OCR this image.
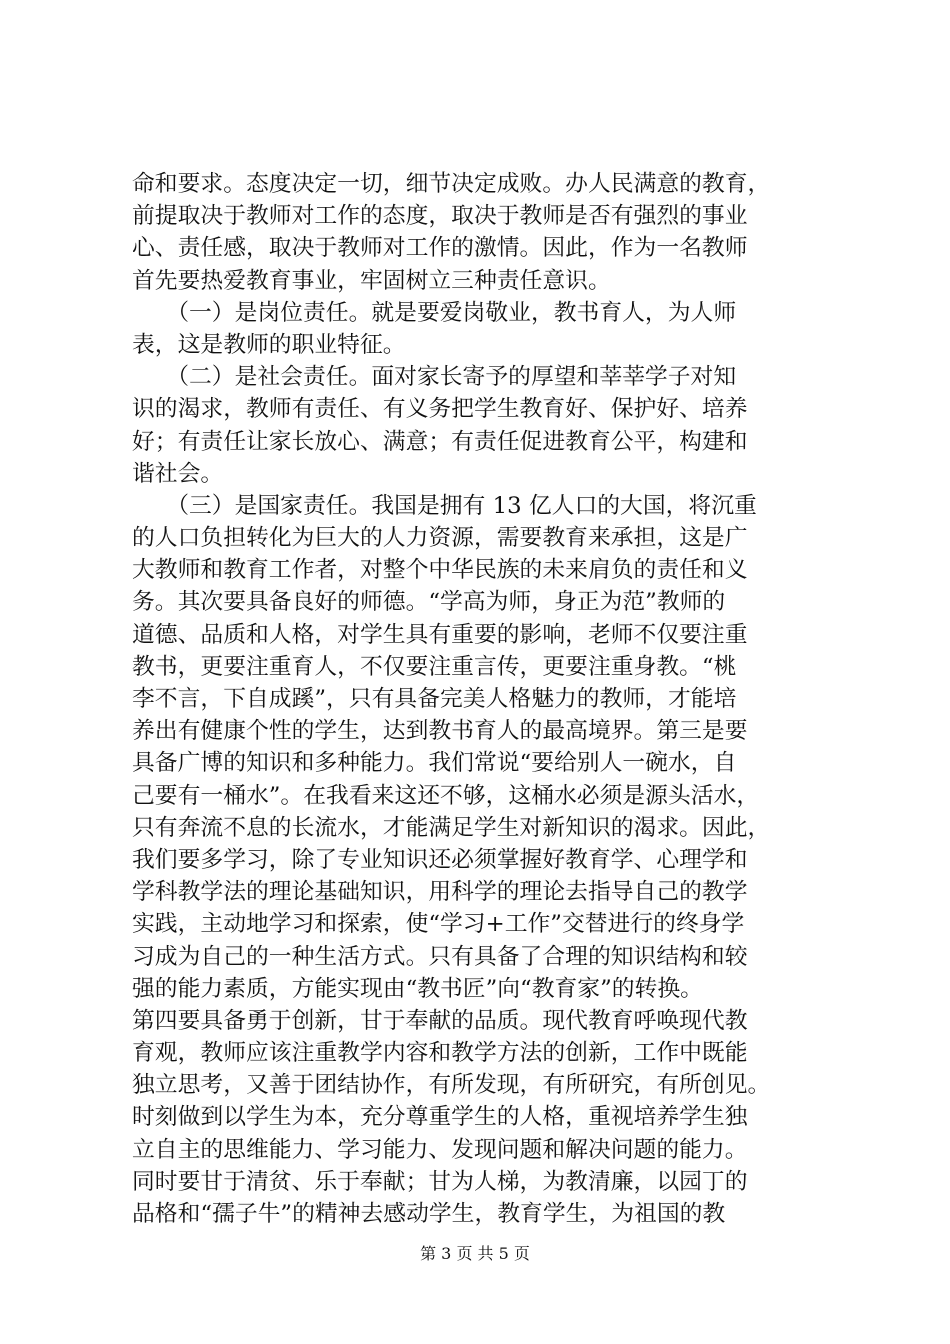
命和要求。态度决定一切，细节决定成败。办人民满意的教育，
前提取决于教师对工作的态度，取决于教师是否有强烈的事业
心、责任感，取决于教师对工作的激情。因此，作为一名教师
首先要热爱教育事业，牢固树立三种责任意识。
　　（一）是岗位责任。就是要爱岗敬业，教书育人，为人师
表，这是教师的职业特征。
　　（二）是社会责任。面对家长寄予的厚望和莘莘学子对知
识的渴求，教师有责任、有义务把学生教育好、保护好、培养
好；有责任让家长放心、满意；有责任促进教育公平，构建和
谐社会。
　　（三）是国家责任。我国是拥有 13 亿人口的大国，将沉重
的人口负担转化为巨大的人力资源，需要教育来承担，这是广
大教师和教育工作者，对整个中华民族的未来肩负的责任和义
务。其次要具备良好的师德。“学高为师，身正为范”教师的
道德、品质和人格，对学生具有重要的影响，老师不仅要注重
教书，更要注重育人，不仅要注重言传，更要注重身教。“桃
李不言，下自成蹊”，只有具备完美人格魅力的教师，才能培
养出有健康个性的学生，达到教书育人的最高境界。第三是要
具备广博的知识和多种能力。我们常说“要给别人一碗水，自
己要有一桶水”。在我看来这还不够，这桶水必须是源头活水，
只有奔流不息的长流水，才能满足学生对新知识的渴求。因此，
我们要多学习，除了专业知识还必须掌握好教育学、心理学和
学科教学法的理论基础知识，用科学的理论去指导自己的教学
实践，主动地学习和探索，使“学习+工作”交替进行的终身学
习成为自己的一种生活方式。只有具备了合理的知识结构和较
强的能力素质，方能实现由“教书匠”向“教育家”的转换。
第四要具备勇于创新，甘于奉献的品质。现代教育呼唤现代教
育观，教师应该注重教学内容和教学方法的创新，工作中既能
独立思考，又善于团结协作，有所发现，有所研究，有所创见。
时刻做到以学生为本，充分尊重学生的人格，重视培养学生独
立自主的思维能力、学习能力、发现问题和解决问题的能力。
同时要甘于清贫、乐于奉献；甘为人梯，为教清廉，以园丁的
品格和“孺子牛”的精神去感动学生，教育学生，为祖国的教
第 3 页 共 5 页
